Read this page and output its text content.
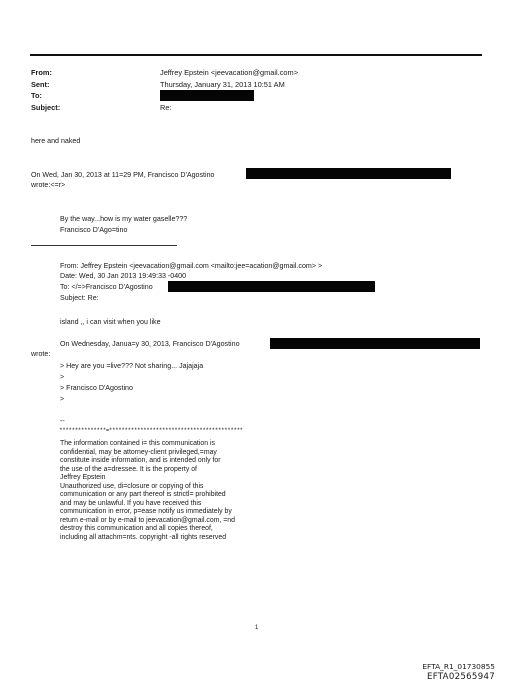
From:	Jeffrey Epstein <jeevacation@gmail.com>
Sent:	Thursday, January 31, 2013 10:51 AM
To:
Subject:	Re:
here and naked
On Wed, Jan 30, 2013 at 11=29 PM, Francisco D'Agostino
wrote:<=r>
By the way...how is my water gaselle???
Francisco D'Ago=tino
From: Jeffrey Epstein <jeevacation@gmail.com <mailto:jee=acation@gmail.com> >
Date: Wed, 30 Jan 2013 19:49:33 -0400
To: </=>Francisco D'Agostino
Subject: Re:
island ,, i can visit when you like
On Wednesday, Janua=y 30, 2013, Francisco D'Agostino
wrote:
> Hey are you =live??? Not sharing... Jajajaja
>
> Francisco D'Agostino
>
--
***************=*******************************************
The information contained i= this communication is
confidential, may be attorney-client privileged,=may
constitute inside information, and is intended only for
the use of the a=dressee. It is the property of
Jeffrey Epstein
Unauthorized use, di=closure or copying of this
communication or any part thereof is strictl= prohibited
and may be unlawful. If you have received this
communication in error, p=ease notify us immediately by
return e-mail or by e-mail to jeevacation@gmail.com, =nd
destroy this communication and all copies thereof,
including all attachm=nts. copyright -all rights reserved
1
EFTA_R1_01730855
EFTA02565947
